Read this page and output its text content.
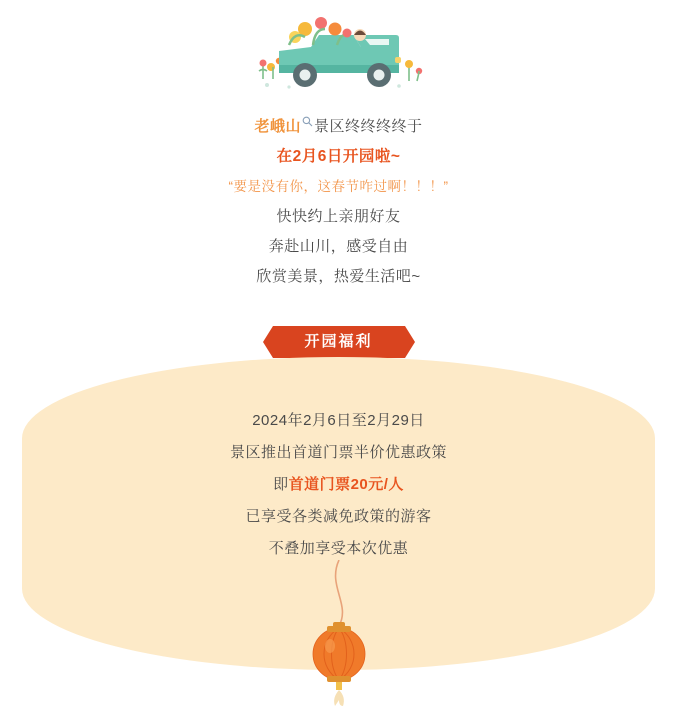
老峨山 景区终终终终于
在2月6日开园啦~
“要是没有你，这春节咋过啊！！！”
快快约上亲朋好友
奔赴山川，感受自由
欣赏美景，热爱生活吧~
开园福利
2024年2月6日至2月29日
景区推出首道门票半价优惠政策
即首道门票20元/人
已享受各类减免政策的游客
不叠加享受本次优惠
